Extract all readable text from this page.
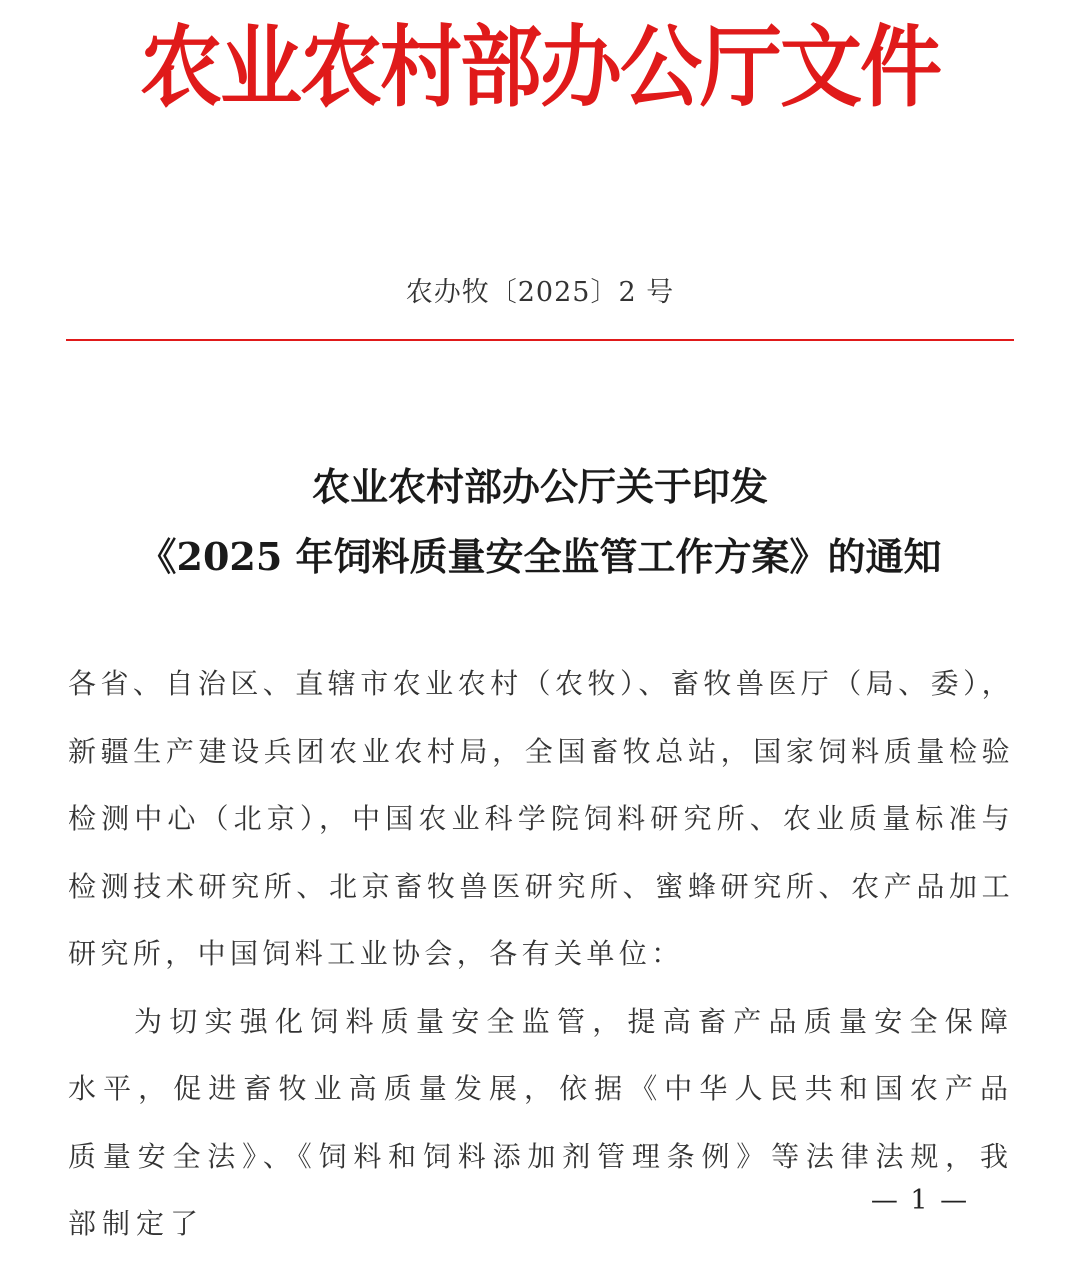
农业农村部办公厅文件
农办牧〔2025〕2 号
农业农村部办公厅关于印发
《2025 年饲料质量安全监管工作方案》的通知

各省、自治区、直辖市农业农村（农牧）、畜牧兽医厅（局、委），新疆生产建设兵团农业农村局，全国畜牧总站，国家饲料质量检验检测中心（北京），中国农业科学院饲料研究所、农业质量标准与检测技术研究所、北京畜牧兽医研究所、蜜蜂研究所、农产品加工研究所，中国饲料工业协会，各有关单位：

为切实强化饲料质量安全监管，提高畜产品质量安全保障水平，促进畜牧业高质量发展，依据《中华人民共和国农产品质量安全法》、《饲料和饲料添加剂管理条例》等法律法规，我部制定了

— 1 —
